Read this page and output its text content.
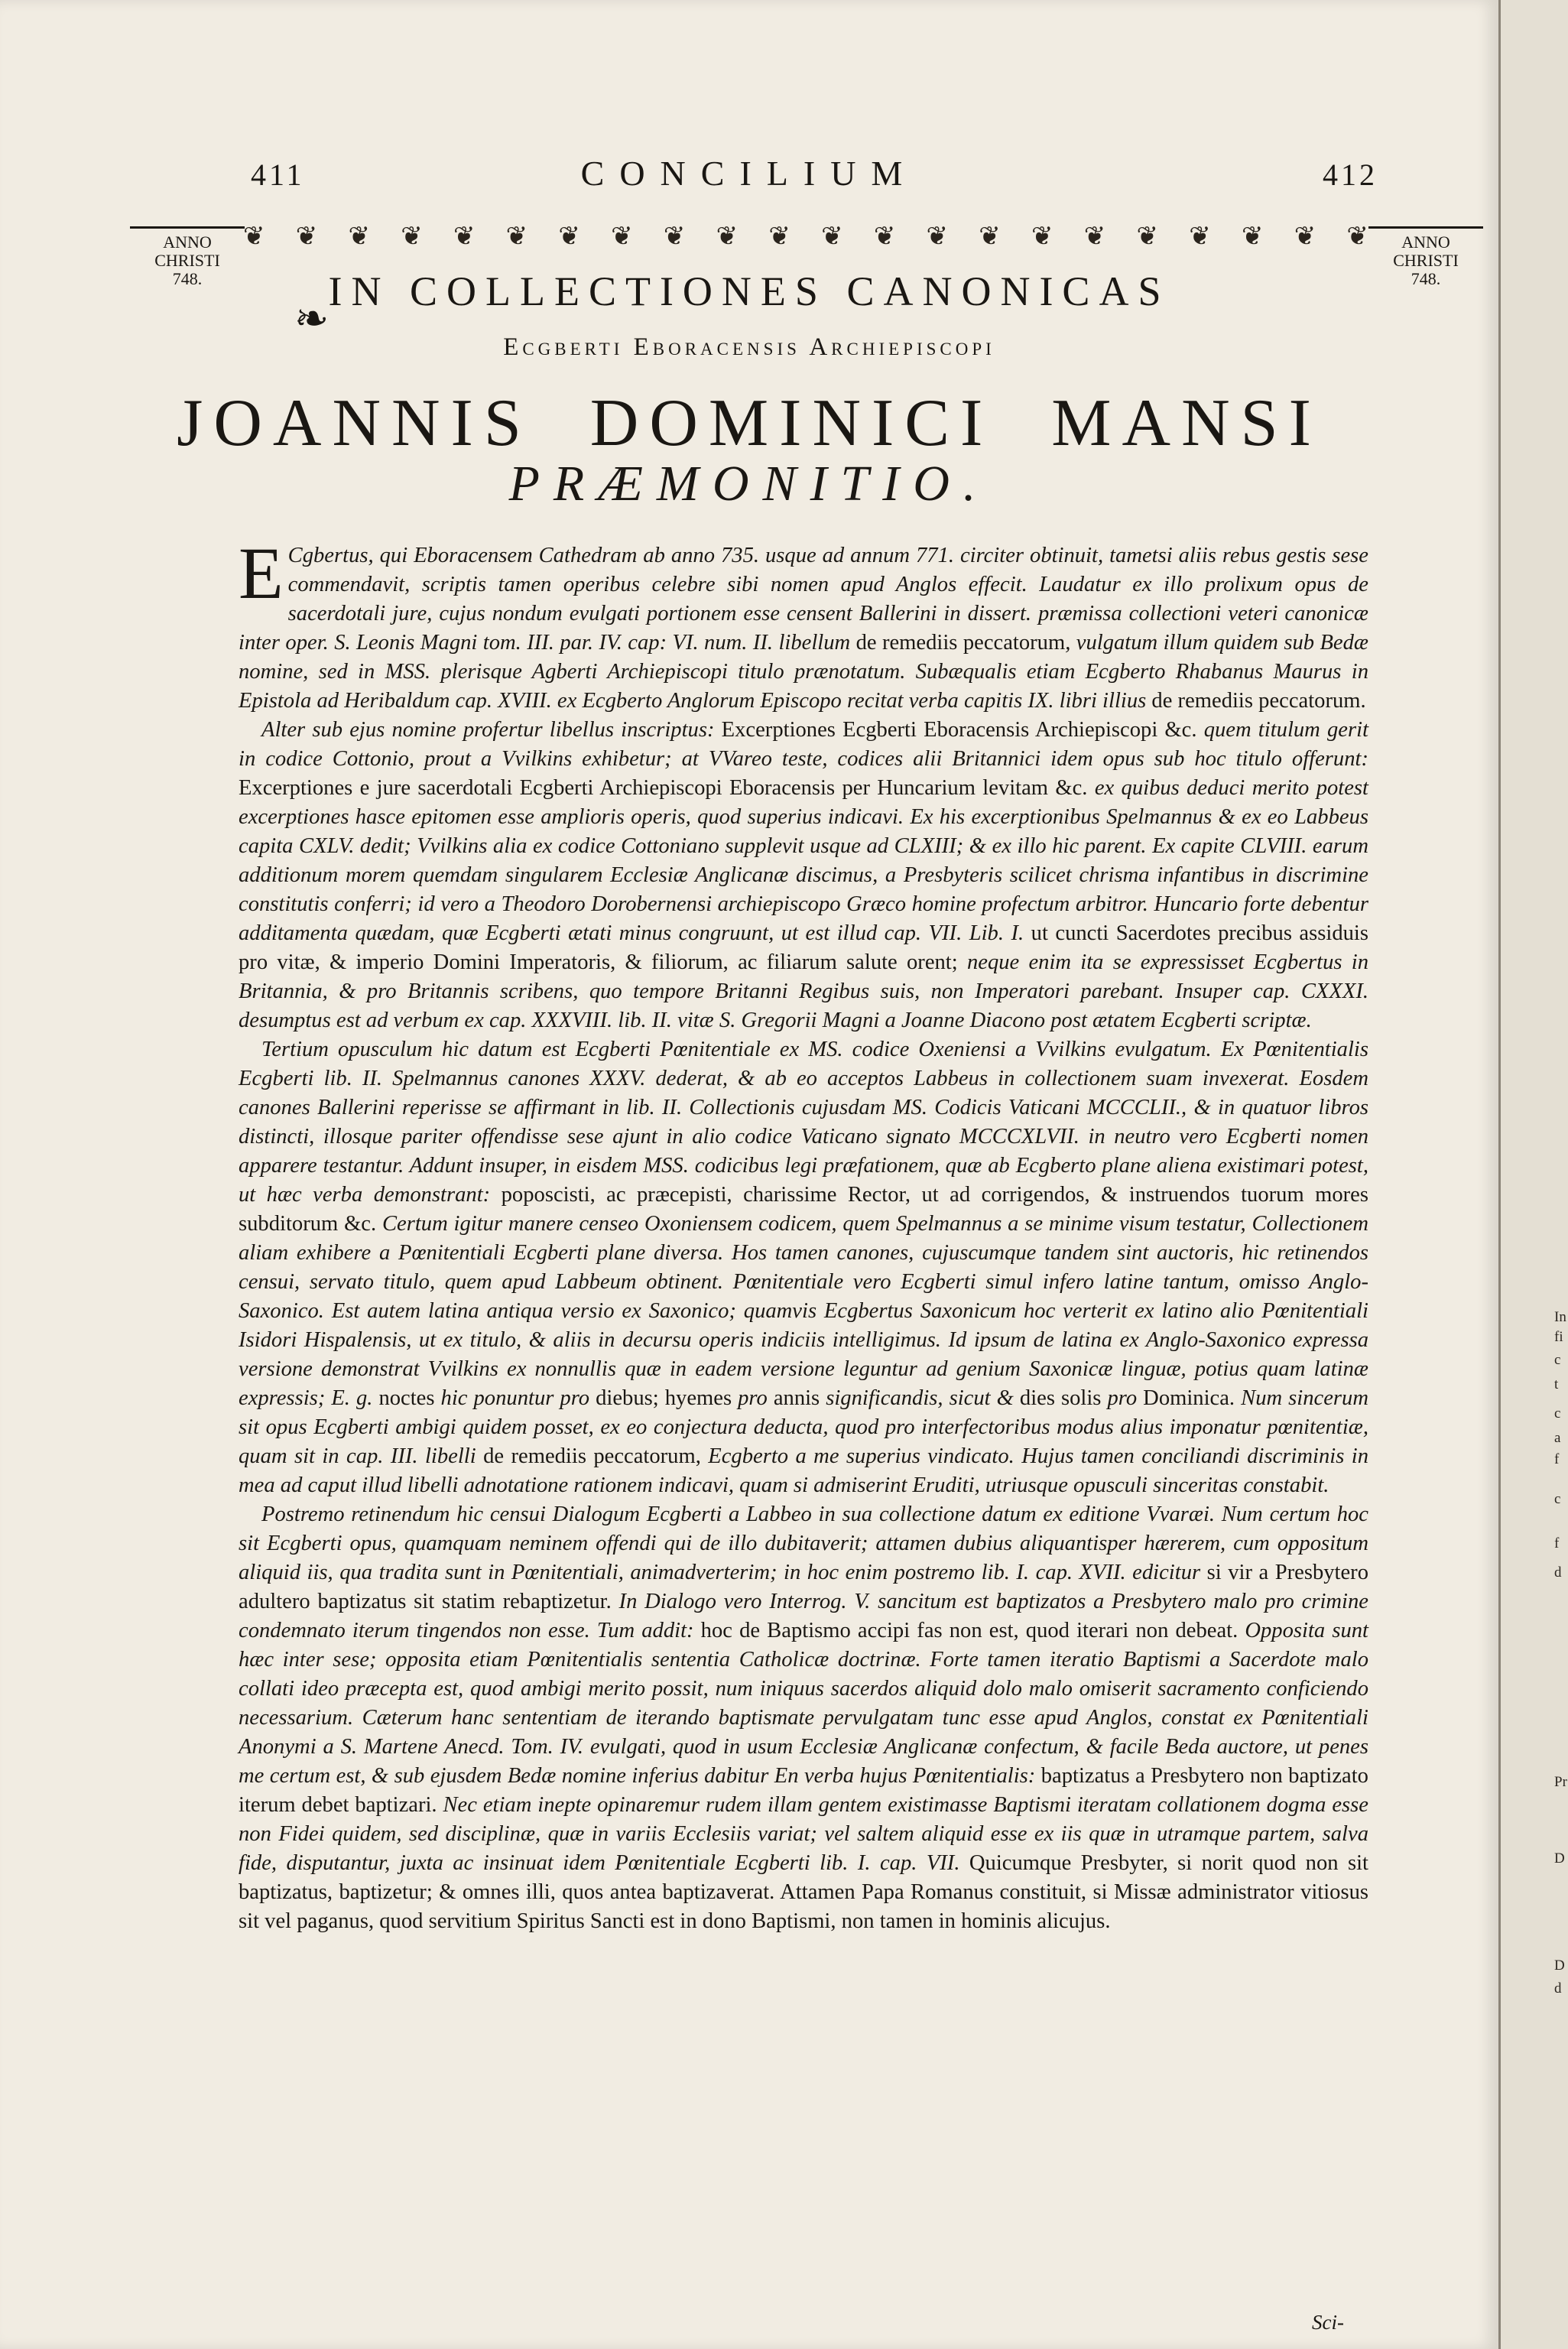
411	CONCILIUM	412
ANNO
CHRISTI
748.
ANNO
CHRISTI
748.
❦ ❦ ❦ ❦ ❦ ❦ ❦ ❦ ❦ ❦ ❦ ❦ ❦ ❦ ❦ ❦ ❦ ❦ ❦ ❦ ❦ ❦
IN COLLECTIONES CANONICAS
❧
Ecgberti Eboracensis Archiepiscopi
JOANNIS DOMINICI MANSI
PRÆMONITIO.

E Cgbertus, qui Eboracensem Cathedram ab anno 735. usque ad annum 771. circiter obtinuit, tametsi aliis rebus gestis sese commendavit, scriptis tamen operibus celebre sibi nomen apud Anglos effecit. Laudatur ex illo prolixum opus de sacerdotali jure, cujus nondum evulgati portionem esse censent Ballerini in dissert. præmissa collectioni veteri canonicæ inter oper. S. Leonis Magni tom. III. par. IV. cap: VI. num. II. libellum de remediis peccatorum, vulgatum illum quidem sub Bedæ nomine, sed in MSS. plerisque Agberti Archiepiscopi titulo prænotatum. Subæqualis etiam Ecgberto Rhabanus Maurus in Epistola ad Heribaldum cap. XVIII. ex Ecgberto Anglorum Episcopo recitat verba capitis IX. libri illius de remediis peccatorum.

Alter sub ejus nomine profertur libellus inscriptus: Excerptiones Ecgberti Eboracensis Archiepiscopi &c. quem titulum gerit in codice Cottonio, prout a Vvilkins exhibetur; at VVareo teste, codices alii Britannici idem opus sub hoc titulo offerunt: Excerptiones e jure sacerdotali Ecgberti Archiepiscopi Eboracensis per Huncarium levitam &c. ex quibus deduci merito potest excerptiones hasce epitomen esse amplioris operis, quod superius indicavi. Ex his excerptionibus Spelmannus & ex eo Labbeus capita CXLV. dedit; Vvilkins alia ex codice Cottoniano supplevit usque ad CLXIII; & ex illo hic parent. Ex capite CLVIII. earum additionum morem quemdam singularem Ecclesiæ Anglicanæ discimus, a Presbyteris scilicet chrisma infantibus in discrimine constitutis conferri; id vero a Theodoro Dorobernensi archiepiscopo Græco homine profectum arbitror. Huncario forte debentur additamenta quædam, quæ Ecgberti ætati minus congruunt, ut est illud cap. VII. Lib. I. ut cuncti Sacerdotes precibus assiduis pro vitæ, & imperio Domini Imperatoris, & filiorum, ac filiarum salute orent; neque enim ita se expressisset Ecgbertus in Britannia, & pro Britannis scribens, quo tempore Britanni Regibus suis, non Imperatori parebant. Insuper cap. CXXXI. desumptus est ad verbum ex cap. XXXVIII. lib. II. vitæ S. Gregorii Magni a Joanne Diacono post ætatem Ecgberti scriptæ.

Tertium opusculum hic datum est Ecgberti Pœnitentiale ex MS. codice Oxeniensi a Vvilkins evulgatum. Ex Pœnitentialis Ecgberti lib. II. Spelmannus canones XXXV. dederat, & ab eo acceptos Labbeus in collectionem suam invexerat. Eosdem canones Ballerini reperisse se affirmant in lib. II. Collectionis cujusdam MS. Codicis Vaticani MCCCLII., & in quatuor libros distincti, illosque pariter offendisse sese ajunt in alio codice Vaticano signato MCCCXLVII. in neutro vero Ecgberti nomen apparere testantur. Addunt insuper, in eisdem MSS. codicibus legi præfationem, quæ ab Ecgberto plane aliena existimari potest, ut hæc verba demonstrant: poposcisti, ac præcepisti, charissime Rector, ut ad corrigendos, & instruendos tuorum mores subditorum &c. Certum igitur manere censeo Oxoniensem codicem, quem Spelmannus a se minime visum testatur, Collectionem aliam exhibere a Pœnitentiali Ecgberti plane diversa. Hos tamen canones, cujuscumque tandem sint auctoris, hic retinendos censui, servato titulo, quem apud Labbeum obtinent. Pœnitentiale vero Ecgberti simul infero latine tantum, omisso Anglo-Saxonico. Est autem latina antiqua versio ex Saxonico; quamvis Ecgbertus Saxonicum hoc verterit ex latino alio Pœnitentiali Isidori Hispalensis, ut ex titulo, & aliis in decursu operis indiciis intelligimus. Id ipsum de latina ex Anglo-Saxonico expressa versione demonstrat Vvilkins ex nonnullis quæ in eadem versione leguntur ad genium Saxonicæ linguæ, potius quam latinæ expressis; E. g. noctes hic ponuntur pro diebus; hyemes pro annis significandis, sicut & dies solis pro Dominica. Num sincerum sit opus Ecgberti ambigi quidem posset, ex eo conjectura deducta, quod pro interfectoribus modus alius imponatur pœnitentiæ, quam sit in cap. III. libelli de remediis peccatorum, Ecgberto a me superius vindicato. Hujus tamen conciliandi discriminis in mea ad caput illud libelli adnotatione rationem indicavi, quam si admiserint Eruditi, utriusque opusculi sinceritas constabit.

Postremo retinendum hic censui Dialogum Ecgberti a Labbeo in sua collectione datum ex editione Vvaræi. Num certum hoc sit Ecgberti opus, quamquam neminem offendi qui de illo dubitaverit; attamen dubius aliquantisper hærerem, cum oppositum aliquid iis, qua tradita sunt in Pœnitentiali, animadverterim; in hoc enim postremo lib. I. cap. XVII. edicitur si vir a Presbytero adultero baptizatus sit statim rebaptizetur. In Dialogo vero Interrog. V. sancitum est baptizatos a Presbytero malo pro crimine condemnato iterum tingendos non esse. Tum addit: hoc de Baptismo accipi fas non est, quod iterari non debeat. Opposita sunt hæc inter sese; opposita etiam Pœnitentialis sententia Catholicæ doctrinæ. Forte tamen iteratio Baptismi a Sacerdote malo collati ideo præcepta est, quod ambigi merito possit, num iniquus sacerdos aliquid dolo malo omiserit sacramento conficiendo necessarium. Cæterum hanc sententiam de iterando baptismate pervulgatam tunc esse apud Anglos, constat ex Pœnitentiali Anonymi a S. Martene Anecd. Tom. IV. evulgati, quod in usum Ecclesiæ Anglicanæ confectum, & facile Beda auctore, ut penes me certum est, & sub ejusdem Bedæ nomine inferius dabitur En verba hujus Pœnitentialis: baptizatus a Presbytero non baptizato iterum debet baptizari. Nec etiam inepte opinaremur rudem illam gentem existimasse Baptismi iteratam collationem dogma esse non Fidei quidem, sed disciplinæ, quæ in variis Ecclesiis variat; vel saltem aliquid esse ex iis quæ in utramque partem, salva fide, disputantur, juxta ac insinuat idem Pœnitentiale Ecgberti lib. I. cap. VII. Quicumque Presbyter, si norit quod non sit baptizatus, baptizetur; & omnes illi, quos antea baptizaverat. Attamen Papa Romanus constituit, si Missæ administrator vitiosus sit vel paganus, quod servitium Spiritus Sancti est in dono Baptismi, non tamen in hominis alicujus.

Sci-
In
fi
c
t
c
a
f
c
f
d
Pr
D
D
d
